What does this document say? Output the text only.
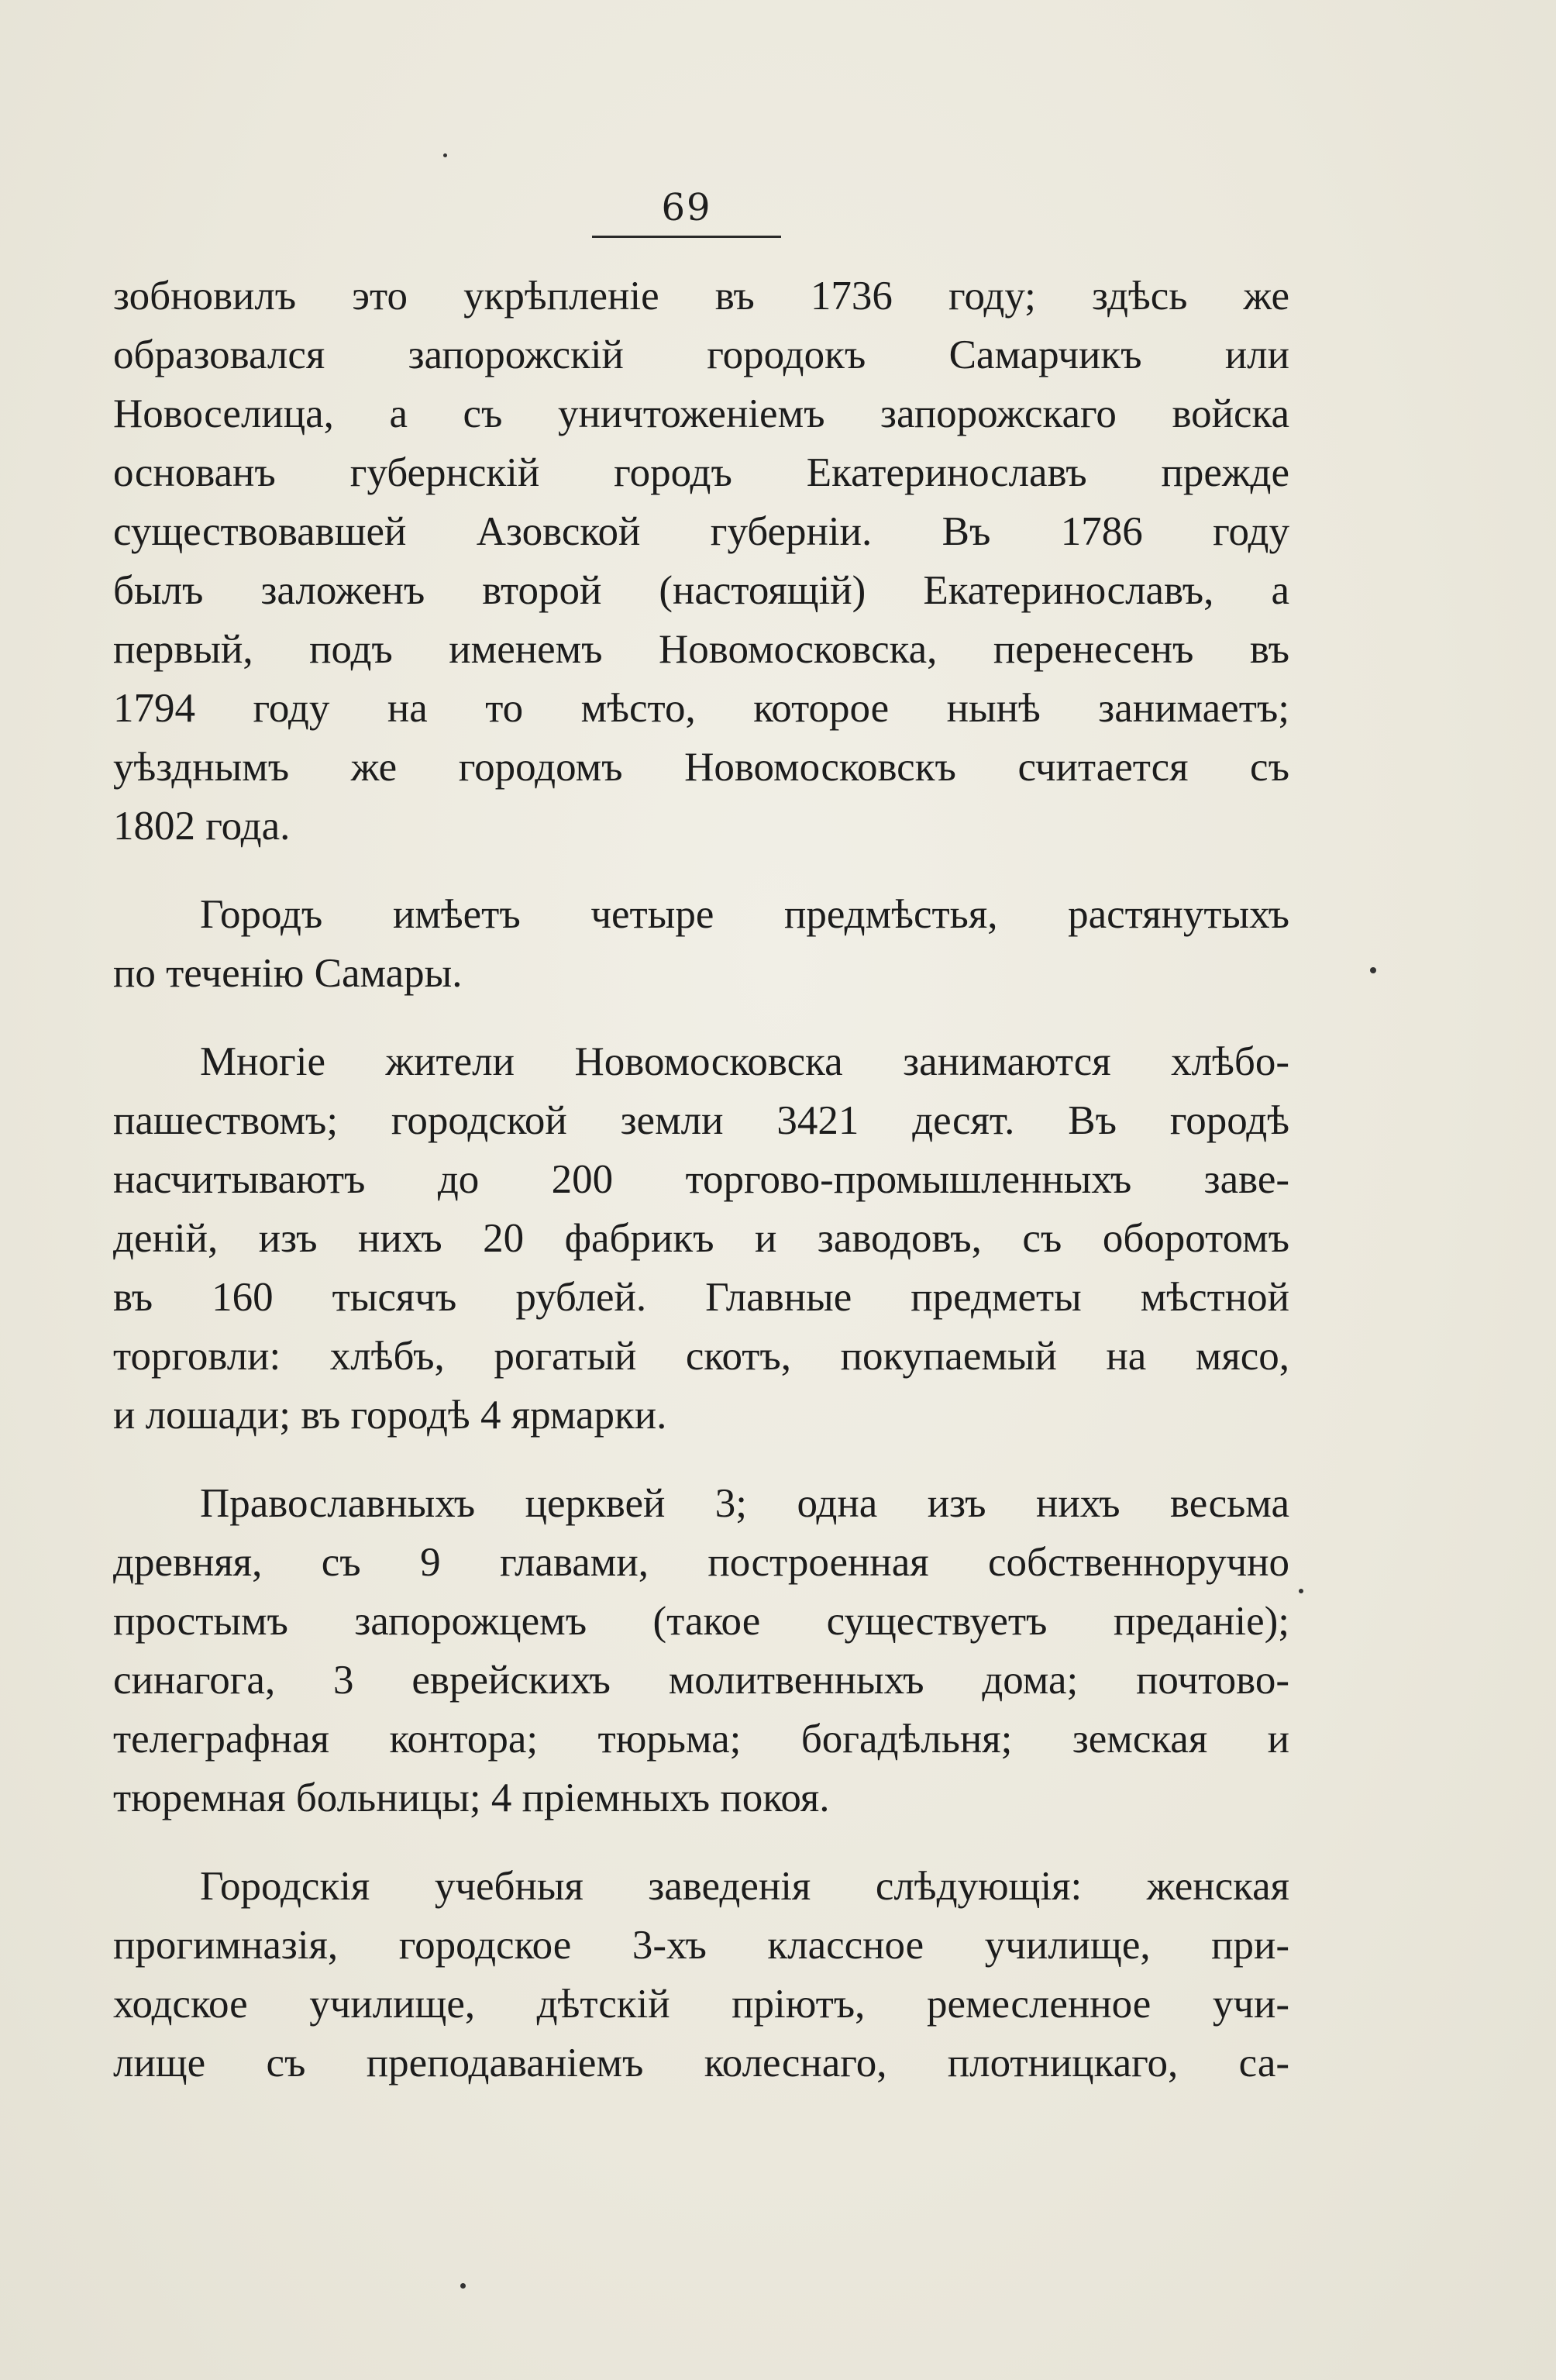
69
зобновилъ это укрѣпленіе въ 1736 году; здѣсь же
образовался запорожскій городокъ Самарчикъ или
Новоселица, а съ уничтоженіемъ запорожскаго войска
основанъ губернскій городъ Екатеринославъ прежде
существовавшей Азовской губерніи. Въ 1786 году
былъ заложенъ второй (настоящій) Екатеринославъ, а
первый, подъ именемъ Новомосковска, перенесенъ въ
1794 году на то мѣсто, которое нынѣ занимаетъ;
уѣзднымъ же городомъ Новомосковскъ считается съ
1802 года.
Городъ имѣетъ четыре предмѣстья, растянутыхъ
по теченію Самары.
Многіе жители Новомосковска занимаются хлѣбо-
пашествомъ; городской земли 3421 десят. Въ городѣ
насчитываютъ до 200 торгово-промышленныхъ заве-
деній, изъ нихъ 20 фабрикъ и заводовъ, съ оборотомъ
въ 160 тысячъ рублей. Главные предметы мѣстной
торговли: хлѣбъ, рогатый скотъ, покупаемый на мясо,
и лошади; въ городѣ 4 ярмарки.
Православныхъ церквей 3; одна изъ нихъ весьма
древняя, съ 9 главами, построенная собственноручно
простымъ запорожцемъ (такое существуетъ преданіе);
синагога, 3 еврейскихъ молитвенныхъ дома; почтово-
телеграфная контора; тюрьма; богадѣльня; земская и
тюремная больницы; 4 пріемныхъ покоя.
Городскія учебныя заведенія слѣдующія: женская
прогимназія, городское 3-хъ классное училище, при-
ходское училище, дѣтскій пріютъ, ремесленное учи-
лище съ преподаваніемъ колеснаго, плотницкаго, са-
